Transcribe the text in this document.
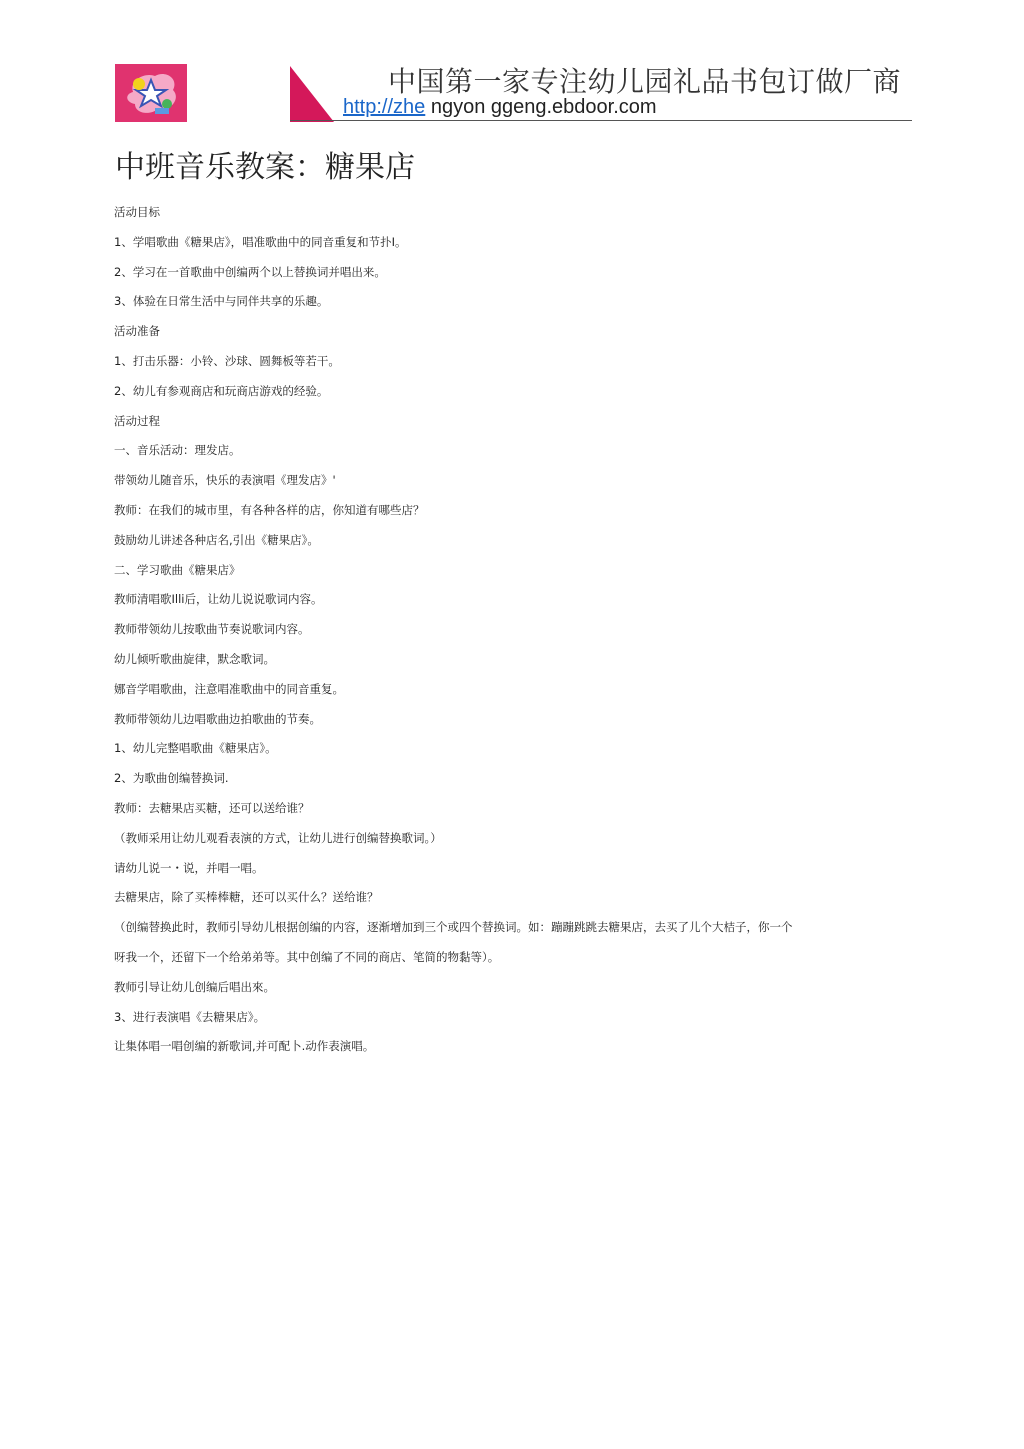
中国第一家专注幼儿园礼品书包订做厂商
http://zhe ngyon ggeng.ebdoor.com
中班音乐教案：糖果店
活动目标
1、学唱歌曲《糖果店》，唱准歌曲中的同音重复和节扑I。
2、学习在一首歌曲中创编两个以上替换词并唱出来。
3、体验在日常生活中与同伴共享的乐趣。
活动准备
1、打击乐器：小铃、沙球、圆舞板等若干。
2、幼儿有参观商店和玩商店游戏的经验。
活动过程
一、音乐活动：理发店。
带领幼儿随音乐，快乐的表演唱《理发店》'
教师：在我们的城市里，有各种各样的店，你知道有哪些店？
鼓励幼儿讲述各种店名,引出《糖果店》。
二、学习歌曲《糖果店》
教师清唱歌Illi后，让幼儿说说歌词内容。
教师带领幼儿按歌曲节奏说歌词内容。
幼儿倾听歌曲旋律，默念歌词。
娜音学唱歌曲，注意唱准歌曲中的同音重复。
教师带领幼儿边唱歌曲边拍歌曲的节奏。
1、幼儿完整唱歌曲《糖果店》。
2、为歌曲创编替换词.
教师：去糖果店买糖，还可以送给谁？
（教师采用让幼儿观看表演的方式，让幼儿进行创编替换歌词。）
请幼儿说一・说，并唱一唱。
去糖果店，除了买棒棒糖，还可以买什么？送给谁？
（创编替换此时，教师引导幼儿根据创编的内容，逐渐增加到三个或四个替换词。如：蹦蹦跳跳去糖果店，去买了儿个大桔子，你一个
呀我一个，还留下一个给弟弟等。其中创编了不同的商店、笔简的物黏等）。
教师引导让幼儿创编后唱出來。
3、进行表演唱《去糖果店》。
让集体唱一唱创编的新歌词,并可配卜.动作表演唱。
